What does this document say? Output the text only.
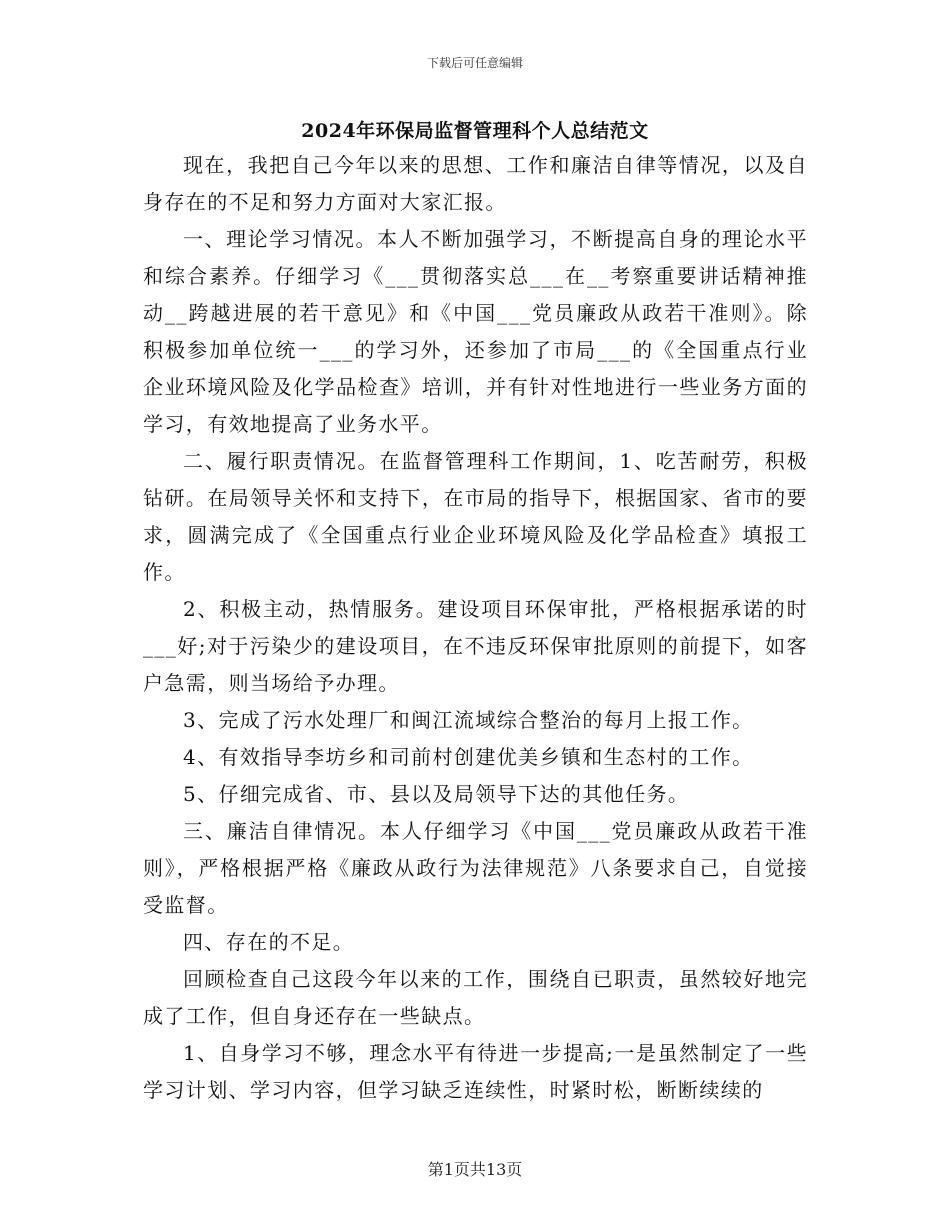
下载后可任意编辑
2024年环保局监督管理科个人总结范文

现在，我把自己今年以来的思想、工作和廉洁自律等情况，以及自身存在的不足和努力方面对大家汇报。

一、理论学习情况。本人不断加强学习，不断提高自身的理论水平和综合素养。仔细学习《___贯彻落实总___在__考察重要讲话精神推动__跨越进展的若干意见》和《中国___党员廉政从政若干准则》。除积极参加单位统一___的学习外，还参加了市局___的《全国重点行业企业环境风险及化学品检查》培训，并有针对性地进行一些业务方面的学习，有效地提高了业务水平。

二、履行职责情况。在监督管理科工作期间，1、吃苦耐劳，积极钻研。在局领导关怀和支持下，在市局的指导下，根据国家、省市的要求，圆满完成了《全国重点行业企业环境风险及化学品检查》填报工作。

2、积极主动，热情服务。建设项目环保审批，严格根据承诺的时___好;对于污染少的建设项目，在不违反环保审批原则的前提下，如客户急需，则当场给予办理。

3、完成了污水处理厂和闽江流域综合整治的每月上报工作。

4、有效指导李坊乡和司前村创建优美乡镇和生态村的工作。

5、仔细完成省、市、县以及局领导下达的其他任务。

三、廉洁自律情况。本人仔细学习《中国___党员廉政从政若干准则》，严格根据严格《廉政从政行为法律规范》八条要求自己，自觉接受监督。

四、存在的不足。

回顾检查自己这段今年以来的工作，围绕自已职责，虽然较好地完成了工作，但自身还存在一些缺点。

1、自身学习不够，理念水平有待进一步提高;一是虽然制定了一些学习计划、学习内容，但学习缺乏连续性，时紧时松，断断续续的

第1页共13页
